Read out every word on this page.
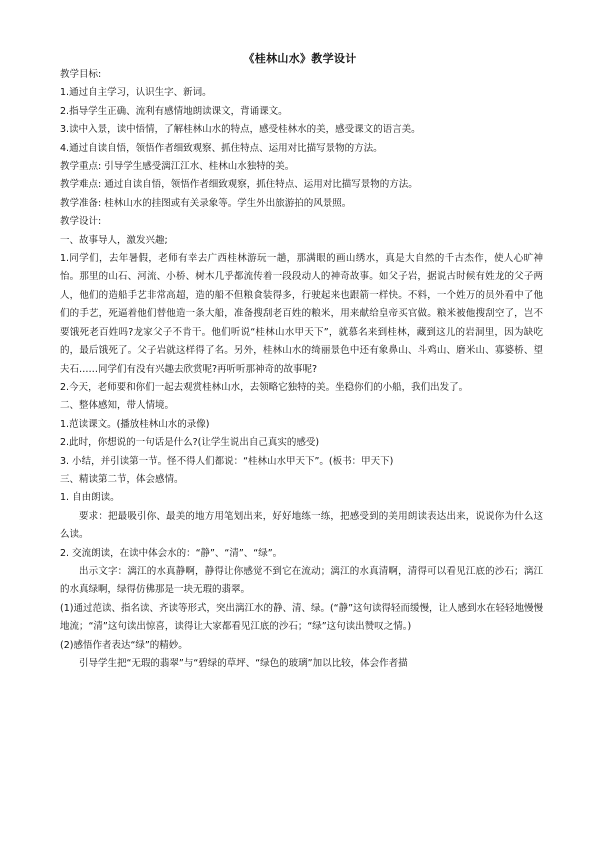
《桂林山水》教学设计

教学目标:

1.通过自主学习，认识生字、新词。

2.指导学生正确、流利有感情地朗读课文，背诵课文。

3.读中入景，读中悟情，了解桂林山水的特点，感受桂林水的美，感受课文的语言美。

4.通过自读自悟，领悟作者细致观察、抓住特点、运用对比描写景物的方法。

教学重点: 引导学生感受漓江江水、桂林山水独特的美。

教学难点: 通过自读自悟，领悟作者细致观察，抓住特点、运用对比描写景物的方法。

教学准备: 桂林山水的挂图或有关录象等。学生外出旅游拍的风景照。

教学设计:

一、故事导人，激发兴趣;

1.同学们，去年暑假，老师有幸去广西桂林游玩一趟，那满眼的画山绣水，真是大自然的千古杰作，使人心旷神怡。那里的山石、河流、小桥、树木几乎都流传着一段段动人的神奇故事。如父子岩，据说古时候有姓龙的父子两人，他们的造船手艺非常高超，造的船不但粮食装得多，行驶起来也跟箭一样快。不料，一个姓万的员外看中了他们的手艺，死逼着他们替他造一条大船，准备搜刮老百姓的粮米，用来献给皇帝买官做。粮米被他搜刮空了，岂不要饿死老百姓吗?龙家父子不肯干。他们听说“桂林山水甲天下”，就慕名来到桂林，藏到这儿的岩洞里，因为缺吃的，最后饿死了。父子岩就这样得了名。另外，桂林山水的绮丽景色中还有象鼻山、斗鸡山、磨米山、寡婆桥、望夫石……同学们有没有兴趣去欣赏呢?再听听那神奇的故事呢?

2.今天，老师要和你们一起去观赏桂林山水，去领略它独特的美。坐稳你们的小船，我们出发了。

二、整体感知，带人情境。

1.范读课文。(播放桂林山水的录像)

2.此时，你想说的一句话是什么?(让学生说出自己真实的感受)

3. 小结，并引读第一节。怪不得人们都说：“桂林山水甲天下”。(板书：甲天下)

三、精读第二节，体会感情。

1. 自由朗读。

要求：把最吸引你、最美的地方用笔划出来，好好地练一练，把感受到的美用朗读表达出来，说说你为什么这么读。

2. 交流朗读，在读中体会水的：“静”、“清”、“绿”。

出示文字：漓江的水真静啊，静得让你感觉不到它在流动；漓江的水真清啊，清得可以看见江底的沙石；漓江的水真绿啊，绿得仿佛那是一块无瑕的翡翠。

(1)通过范读、指名读、齐读等形式，突出漓江水的静、清、绿。(“静”这句读得轻而缓慢，让人感到水在轻轻地慢慢地流；“清”这句读出惊喜，读得让大家都看见江底的沙石；“绿”这句读出赞叹之情。)

(2)感悟作者表达“绿”的精妙。

引导学生把“无瑕的翡翠”与“碧绿的草坪、“绿色的玻璃”加以比较，体会作者描
